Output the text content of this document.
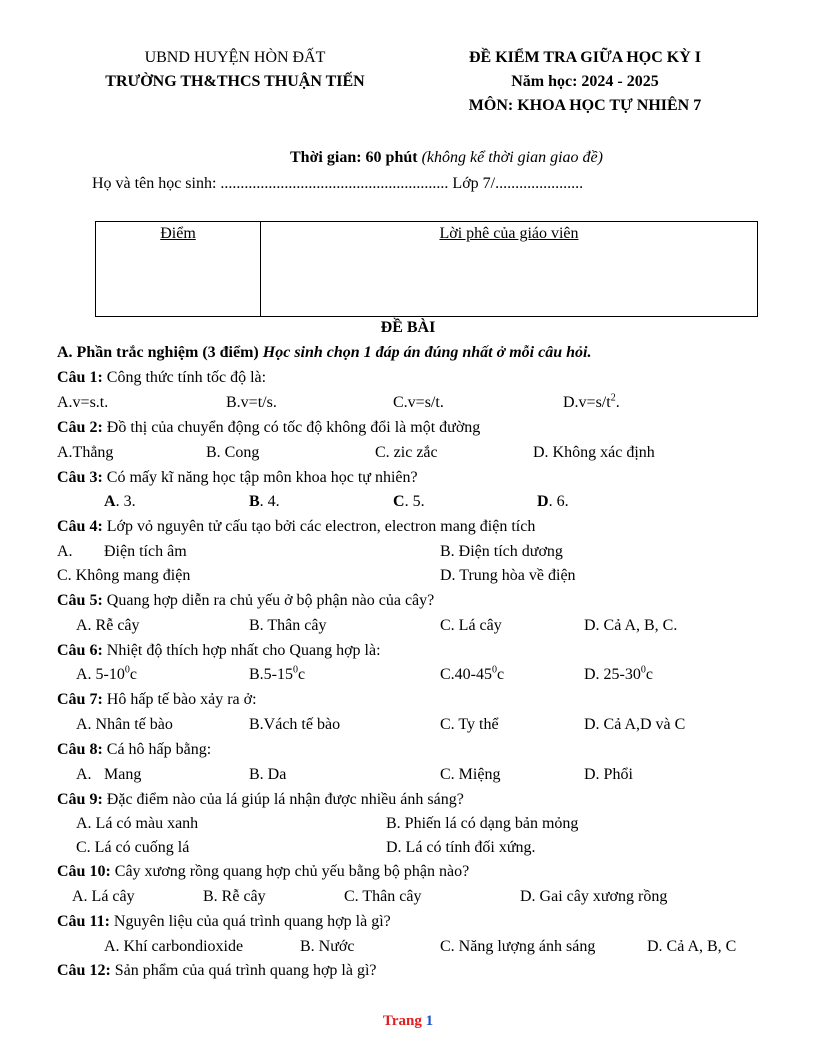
UBND HUYỆN HÒN ĐẤT
TRƯỜNG TH&THCS THUẬN TIẾN
ĐỀ KIỂM TRA GIỮA HỌC KỲ I
Năm học: 2024 - 2025
MÔN: KHOA HỌC TỰ NHIÊN 7
Thời gian: 60 phút (không kể thời gian giao đề)
Họ và tên học sinh: ......................................................... Lớp 7/......................
Điểm	Lời phê của giáo viên
ĐỀ BÀI
A. Phần trắc nghiệm (3 điểm) Học sinh chọn 1 đáp án đúng nhất ở mỗi câu hỏi.
Câu 1: Công thức tính tốc độ là:
A.v=s.t.	B.v=t/s.	C.v=s/t.	$D.v=s/t^2$.
Câu 2: Đồ thị của chuyển động có tốc độ không đổi là một đường
A.Thẳng	B. Cong	C. zic zắc	D. Không xác định
Câu 3: Có mấy kĩ năng học tập môn khoa học tự nhiên?
A. 3.	B. 4.	C. 5.	D. 6.
Câu 4: Lớp vỏ nguyên tử cấu tạo bởi các electron, electron mang điện tích
A. Điện tích âm	B. Điện tích dương
C. Không mang điện	D. Trung hòa về điện
Câu 5: Quang hợp diễn ra chủ yếu ở bộ phận nào của cây?
A. Rễ cây	B. Thân cây	C. Lá cây	D. Cả A, B, C.
Câu 6: Nhiệt độ thích hợp nhất cho Quang hợp là:
A. $5-10^0c$	$B.5-15^0c$	$C.40-45^0c$	D. $25-30^0c$
Câu 7: Hô hấp tế bào xảy ra ở:
A. Nhân tế bào	B.Vách tế bào	C. Ty thể	D. Cả A,D và C
Câu 8: Cá hô hấp bằng:
A. Mang	B. Da	C. Miệng	D. Phổi
Câu 9: Đặc điểm nào của lá giúp lá nhận được nhiều ánh sáng?
A. Lá có màu xanh	B. Phiến lá có dạng bản mỏng
C. Lá có cuống lá	D. Lá có tính đối xứng.
Câu 10: Cây xương rồng quang hợp chủ yếu bằng bộ phận nào?
A. Lá cây	B. Rễ cây	C. Thân cây	D. Gai cây xương rồng
Câu 11: Nguyên liệu của quá trình quang hợp là gì?
A. Khí carbondioxide	B. Nước	C. Năng lượng ánh sáng	D. Cả A, B, C
Câu 12: Sản phẩm của quá trình quang hợp là gì?
Trang 1
